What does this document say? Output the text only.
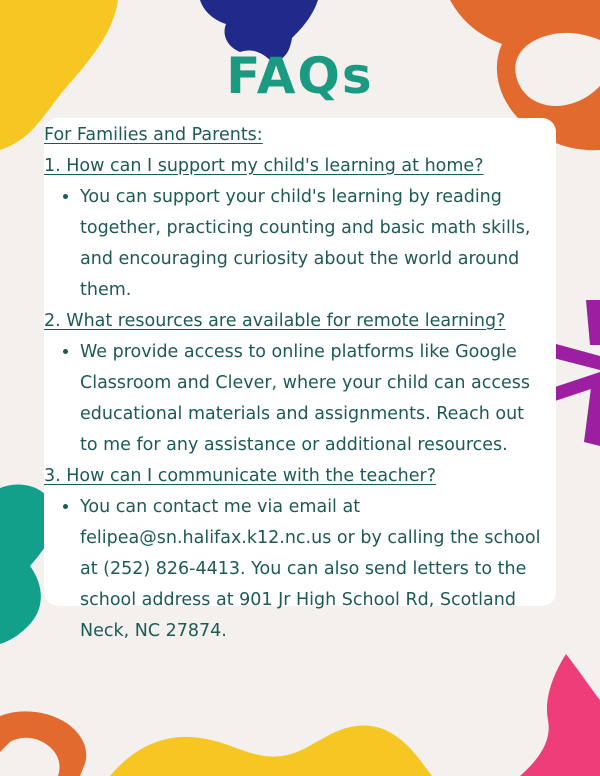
FAQs

For Families and Parents:

1. How can I support my child's learning at home?

• You can support your child's learning by reading together, practicing counting and basic math skills, and encouraging curiosity about the world around them.

2. What resources are available for remote learning?

• We provide access to online platforms like Google Classroom and Clever, where your child can access educational materials and assignments. Reach out to me for any assistance or additional resources.

3. How can I communicate with the teacher?

• You can contact me via email at felipea@sn.halifax.k12.nc.us or by calling the school at (252) 826-4413. You can also send letters to the school address at 901 Jr High School Rd, Scotland Neck, NC 27874.
